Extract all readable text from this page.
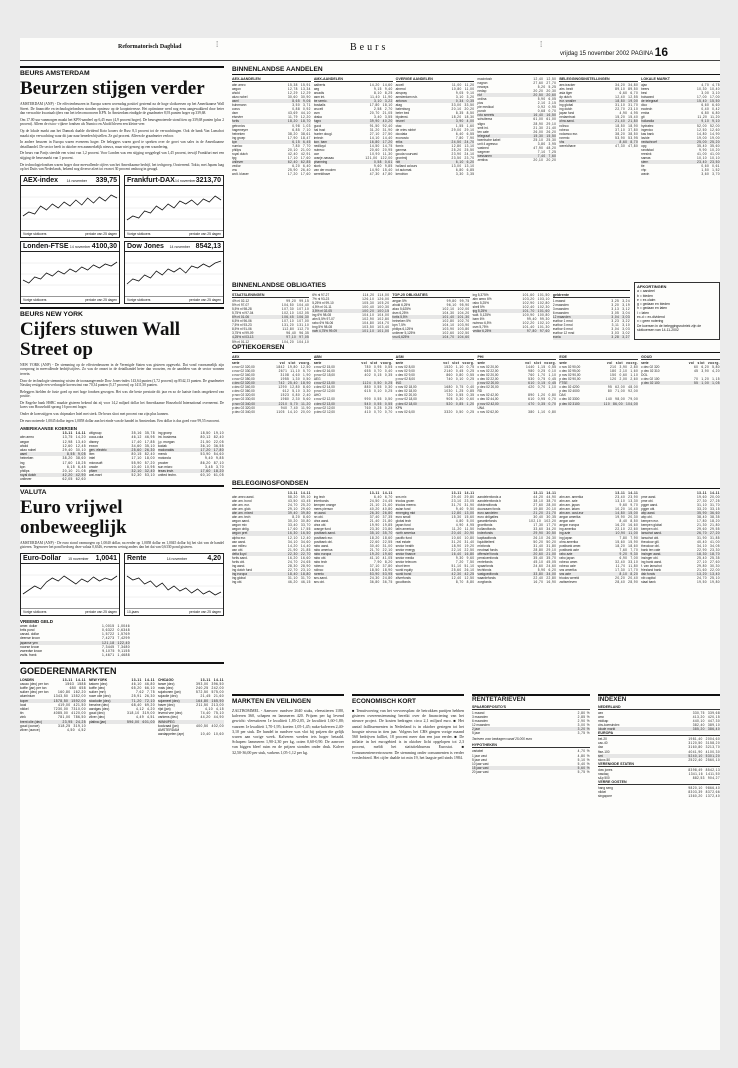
Reformatorisch Dagblad	⁞	Beurs	⁞
vrijdag 15 november 2002 PAGINA 16
BEURS AMSTERDAM
Beurzen stijgen verder

AMSTERDAM (ANP) - De effectenbeurzen in Europa waren woensdag positief gestemd na de hoge slotkoersen op het Amerikaanse Wall Street. De financiële en technologiefondsen stonden opnieuw op de koopinteresse. Het optimisme werd nog eens aangewakkerd door beter dan verwachte kwartaalcijfers van het telecomconcern KPN. In Amsterdam eindigde de graadmeter 8,93 punten hoger op 339,68.

Om 17.00 uur vanmorgen maakt het KPN-aandeel op 6,45 euro (4,9 procent hoger). De beursgenoteerde stond tien op 339,68 punten (plus 2 procent). Alleen de risico- rijkere fondsen als Numico en Ahold bleven een kleine veer.

Op de lokale markt aan het Damrak daalde dividend Koto kouers de Ruw 8,3 procent tot de verwachtingen. Ook de bank Van Lanschot maakt zijn verwachting waar dit jaar naar beneden bijstellen. Ze gaf procent. Alleen de graadmeter verloor.

In andere beurzen in Europa waren eveneens hoger. De beleggers waren goed te spreken over de groei van sales in de Amerikaanse detailhandel. De sector heeft in oktober een aanmerkelijk nieuws, maar niet genoeg op een waardering.

De beurs van Parijs steedde een winst van 1,2 procent. Voor Londen was een stijging weggelegd van 1,45 procent, terwijl Frankfurt met een stijging de beursmarkt van 1 procent.

De technologiefondsen waren hoger door meevallende cijfers van het Amerikaanse bedrijf, het techgroep, Oosterrend. Tokio, met Japans laag op het Duits van Nederlands, bekend nog diverse afzet tot en met 30 procent omhoog in gesagd.

AEX-index 14 november 339,75
Vorige slotkoers	periode van 25 dagen
Frankfurt-DAX 14 november 3213,70
Vorige slotkoers	periode van 25 dagen
Londen-FTSE 14 november 4100,30
Vorige slotkoers	periode van 25 dagen
Dow Jones 14 november 8542,13
Vorige slotkoers	periode van 25 dagen
BEURS NEW YORK
Cijfers stuwen Wall Street op

NEW YORK (ANP) - De stemming op de effectenbeurzen in de Verenigde Staten was gisteren opgewekt. Dat vond voornamelijk zijn oorsprong in meevallende bedrijfscijfers. Zo was de omzet in de detailhandel beter dan voorzien, en de aandelen van de sector wonnen terrein.

Door de technologie stemming wisten de toonaangevende Dow Jones-index 143,64 punten (1,72 procent) op 8542,13 punten. De graadmeter Nasdaq vestigde een verhoogde koerswinst van 70,34 punten (5,17 procent) op 1411,50 punten.

Beleggers hielden de fusie goed op met hoge fondsen gewogen. Het was die beste prestatie dit jaar en zo de laatste fonds omgekeerd van positie.

De Engelse bank HSBC maakte gisteren bekend dat zij voor 14,2 miljard dollar het Amerikaanse Household International overneemt. De koers van Household sprong 16 procent hoger.

Onder de koersstijgers was chipmaker Intel met sterk. De beurs sloot met procent van zijn plus kunnen.

De euro noteerde 1,0045 dollar tegen 1,0058 dollar aan het einde van de handel in Amsterdam. Een dollar is dus goed voor 99,55 eurocent.

AMERIKAANSE KOERSEN
13-11 14-11
abn amro	13,75 14,20
aegon	12,98 13,40
ahold	12,60 12,45
akzo nobel	29,40 30,10
asml	8,55 9,05
heineken	38,20 38,60
ing	17,60 18,25
kpn	6,15 6,45
philips	20,10 21,05
royal dutch	42,20 42,90
unilever	62,05 62,60
citigroup	35,16 35,78
coca-cola	46,12 46,95
disney	17,40 17,85
exxon	34,60 35,10
gen. electric	25,60 26,30
ibm	80,15 82,40
intel	17,10 18,00
microsoft	55,90 57,20
oracle	10,40 10,95
pfizer	32,10 32,40
wal-mart	52,30 53,10
ing groep	18,50 19,10
int. business	80,12 82,40
j.p. morgan	21,50 22,05
kodak	36,10 36,55
mcdonalds	17,20 17,80
merck	53,90 54,60
motorola	9,40 9,85
procter	86,20 87,10
sun micro	3,45 3,70
texas instr.	17,60 18,20
united techn.	60,10 61,05
VALUTA
Euro vrijwel onbeweeglijk

AMSTERDAM (ANP) - De euro stond vanmorgen op 1,0040 dollar, na eerder op 1,0058 dollar en 1,0045 dollar bij het slot van de handel gisteren. Tegenover het pond bedroeg deze valuta 0,6346, eveneens weinig anders dan het dat van 0,6330 pond gisteren.

Euro-Dollar 15 november 1,0041
Vorige slotkoers	periode van 25 dagen
Rente	14 november	4,20
10-jaars	periode van 25 dagen
VREEMD GELD
amer. dollar	1,0015 1,0046
brits pond	0,6322 0,6348
canad. dollar	1,5722 1,5769
deense kroon	7,4273 7,4299
japanse yen	121,18 122,40
noorse kroon	7,3445 7,3480
zweedse kroon	9,1075 9,1155
zwits. frank	1,4671 1,4688
GOEDERENMARKTEN
LONDEN	13-11 14-11
cacao (dec) per ton	1563 1588
koffie (jan) per ton	650 658
suiker (dec) per ton	160,80 162,20
aluminium	1343,50 1352,00
koper	1578,50 1592,00
lood	419,00 421,50
nikkel	7230,00 7310,00
tin	4085,00 4120,00
zink	781,00 786,50
brent olie (dec)	23,95 24,25
goud (ounce)	318,25 319,10
zilver (ounce)	4,50 4,52
NEW YORK	13-11 14-11
katoen (dec)	46,10 46,80
koffie (dec)	65,20 66,10
suiker (mrt)	7,62 7,75
ruwe olie (dec)	25,91 26,30
stookolie (dec)	71,20 72,10
benzine (dec)	68,40 69,20
aardgas (dec)	4,12 4,20
goud (dec)	318,10 319,00
zilver (dec)	4,49 4,51
platina (jan)	596,00 601,00
CHICAGO	13-11 14-11
tarwe (dec)	393,00 396,50
mais (dec)	240,25 242,00
sojabonen (jan)	572,50 575,00
sojaolie (dec)	21,45 21,60
sojameel (dec)	164,80 165,90
haver (dec)	211,50 213,00
rijst (jan)	4,10 4,15
levend vee (dec)	74,40 75,10
varkens (dec)	44,20 44,90
WINNIPEG
koolzaad (jan)	400,50 402,00
AMSTERDAM
aardappelen (apr)	10,40 10,60
BINNENLANDSE AANDELEN
AEX-AANDELEN
abn amro	15,38 15,91
aegon	12,78 13,34
ahold	12,29 12,29
akzo nobel	30,60 30,90
asml	8,65 9,06
buhrmann	3,50 3,71
corus	0,88 0,92
dsm	43,69 44,10
elsevier	11,79 12,20
fortis	18,20 18,70
getronics	0,98 1,03
hagemeyer	6,85 7,10
heineken	38,20 38,61
ing groep	17,90 18,47
kpn	6,15 6,45
numico	7,80 7,70
philips	20,10 21,00
royal dutch	42,40 42,91
tpg	17,10 17,60
unilever	62,40 62,85
vedior	6,20 6,40
vnu	25,90 26,40
wolt. kluwer	17,20 17,60
AMX-AANDELEN
aalberts	14,20 14,60
aeg	9,15 9,40
arcadis	8,10 8,25
asm int.	11,40 11,90
be semic.	3,10 3,22
boskalis	17,80 18,10
crucell	2,58 2,70
csm	20,70 21,05
draka	3,40 3,55
fugro	39,90 40,20
gucci	91,50 92,40
hal trust	31,20 31,90
hunter dougl.	27,10 27,50
imtech	14,10 14,40
kon. bam	16,80 17,20
nedlloyd	14,50 14,75
nutreco	20,60 20,95
oce	10,90 11,30
oranje-nassau	121,00 122,00
pharming	0,58 0,61
stork	9,60 9,85
van der moolen	14,90 15,40
wereldhave	47,30 47,80
OVERIGE AANDELEN
accell	11,00 11,20
ahrend	10,80 11,00
airspray	9,05 9,10
amsterdam rub.	3,10 3,20
antonov	0,34 0,35
atag	33,00 33,50
batenburg	20,10 20,20
beter bed	8,35 8,50
blydenst.	18,20 18,30
brunel	3,90 4,00
ctac	1,55 1,60
de vries robbé	29,00 29,10
docdata	6,40 6,55
econosto	7,80 7,90
eriks	24,50 24,70
fornix	12,80 13,10
gamma	25,20 25,50
gouda vuurvast	23,90 24,10
grontmij	23,50 23,70
hitt	6,10 6,20
holland colours	13,00 13,10
ict automat.	6,80 6,85
kendrion	3,30 3,35
macintosh	12,40 12,50
nagron	27,60 27,70
neways	5,20 5,25
nedap	20,20 20,30
nkf	20,50 20,60
ordina	5,90 6,05
pics	2,10 2,15
pie medical	0,92 0,95
punch	0,68 0,70
roto smeets	16,40 16,50
schuitema	61,00 61,00
sligro	28,90 29,10
smit int.	21,30 21,40
ten cate	26,00 26,20
telegraaf	15,30 15,50
twentsche kabel	25,10 25,30
unit 4 agresso	3,80 3,95
vastned	47,90 48,20
wegener	7,10 7,25
wessanen	7,40 7,60
zentiva	20,10 20,20
BELEGGINGSINSTELLINGEN
aex-tracker	34,20 34,80
alm. bezit	89,10 89,50
asia tiger	6,60 6,70
dp dutch	12,40 12,55
eur. smaller	18,80 19,00
ing global	31,10 31,70
ing dutch	22,70 23,10
japan fund	4,90 4,95
nedamtrust	15,20 15,40
ohra aand.	21,40 21,80
rolinco	18,50 18,90
robeco	37,10 37,80
rodamco eur.	38,20 38,50
rorento	53,90 53,95
vhs	8,60 8,70
wereldhave	47,30 47,80
LOKALE MARKT
ajax	4,70 4,75
beers	10,30 10,40
besi	3,00 3,10
bolsward	17,00 17,00
de telegraaf	15,40 15,50
dico	6,60 6,60
ecotech	0,40 0,42
emba	6,80 6,80
gti	11,20 11,20
hollandia	9,10 9,10
hydratec	52,00 52,00
ingenico	12,50 12,60
kas bank	14,80 14,90
lavide	19,00 19,00
nedschroef	25,00 25,20
opg	35,40 35,60
randstad	9,90 10,20
reesink	41,00 41,00
samas	10,10 10,10
stern	23,40 23,50
tie	0,60 0,61
vhp	1,50 1,52
wavin	3,60 3,70
BINNENLANDSE OBLIGATIES
STAATSLENINGEN
4% nl 02-12	99,20 99,15
5% nl 97-07	104,50 104,40
5,5% nl 98-28	107,30 107,10
5,75% nl 97-04	102,10 102,05
6% nl 01-06	106,45 106,30
6,5% nl 96-06	107,10 107,00
7,5% nl 93-23	131,20 131,10
8,5% nl 91-06	112,80 112,70
3,75% nl 99-09	96,40 96,35
4,25% nl 03-13	97,10 97,05
5% nl 01-12	104,20 104,10
6% nl 97-27	114,20 114,00
7% nl 93-23	126,10 126,00
5,25% nl 99-10	105,30 105,20
4,5% nl 01-11	100,40 100,30
3,5% nl 02-05	100,20 100,15
ing 6% 98-08	104,10 104,00
abn 5,5% 97-07	102,90 102,80
rabo 6% 96-06	104,80 104,70
bng 5% 98-08	103,50 103,40
nwb 4,75% 99-09	101,10 101,00
TOP-25 OBLIGATIES
aegon 5%	99,80 99,75
ahold 6,25%	96,10 95,90
akzo 5,625%	102,10 102,00
dsm 6,25%	104,30 104,20
fortis 5,5%	101,40 101,30
heineken 5%	102,80 102,70
kpn 7,5%	104,10 103,90
philips 6,125%	103,90 103,80
unilever 5,125%	102,60 102,50
vnu 6,625%	104,70 104,60
ing 5,375%	101,60 101,50
abn amro 6%	103,20 103,10
rabo 5,25%	102,90 102,80
shell 5%	102,40 102,30
tpg 5,25%	101,70 101,60
wolt. 5,125%	100,90 100,80
bam 6%	99,40 99,30
nutreco 6,5%	102,20 102,10
csm 5,75%	101,40 101,30
vedior 6,25%	97,80 97,60
geldrente
1 maand	3,25 3,24
2 maanden	3,20 3,19
3 maanden	3,13 3,12
6 maanden	3,05 3,04
12 maanden	3,04 3,03
euribor 1 mnd	3,23 3,22
euribor 3 mnd	3,11 3,10
euribor 6 mnd	3,04 3,03
euribor 12 mnd	3,03 3,02
eonia	3,28 3,27
AFKORTINGEN
a = aandeel
b = bieden
e = ex-claim
g = gedaan en bieden
h = gedaan en laten
l = laten
ex-d = ex-dividend
x = geen notering
De koersen in de beleggingsrubriek zijn de slotkoersen van 14-11-2002
OPTIEKOERSEN
AEX
serie	vol slot voorg.
c nov 02 320,00	1842 19,80 12,50
c nov 02 330,00	2671 11,10 5,70
c nov 02 340,00	3108 4,60 1,90
c nov 02 350,00	1955 1,30 0,50
c dec 02 320,00	742 25,40 18,90
c dec 02 340,00	1290 12,80 8,60
c dec 02 360,00	612 5,10 3,30
p nov 02 320,00	1523 0,80 2,40
p nov 02 330,00	1980 2,30 5,60
p nov 02 340,00	2210 5,70 11,20
p dec 02 320,00	940 7,40 11,90
p dec 02 340,00	1105 14,10 20,00
ABN
serie	vol slot voorg.
c nov 02 15,00	780 0,95 0,55
c dec 02 16,00	655 0,70 0,40
p nov 02 15,00	402 0,15 0,35
AEG
c nov 02 13,00	1124 0,50 0,25
c dec 02 14,00	880 0,55 0,30
p nov 02 12,00	615 0,10 0,25
AHO
c nov 02 12,00	990 0,55 0,50
c dec 02 13,00	540 0,55 0,55
p nov 02 12,00	760 0,25 0,25
p dec 02 12,00	410 0,70 0,70
ASM
serie	vol slot voorg.
c nov 02 8,00	1520 1,10 0,75
c nov 02 9,00	2140 0,45 0,25
c dec 02 9,00	860 0,80 0,55
p nov 02 8,00	740 0,10 0,25
ING
c nov 02 18,00	1680 0,75 0,40
c dec 02 18,00	1030 1,25 0,85
c dec 02 20,00	720 0,55 0,35
p nov 02 18,00	905 0,30 0,60
p dec 02 18,00	520 0,85 1,20
KPN
c nov 02 6,00	3320 0,50 0,25
PHI
serie	vol slot voorg.
c nov 02 20,00	1440 1,15 0,55
c nov 02 22,00	980 0,25 0,10
c dec 02 20,00	760 1,70 1,10
c dec 02 22,00	530 0,75 0,45
p nov 02 20,00	610 0,15 0,45
p dec 02 20,00	420 0,70 1,10
RD
c nov 02 42,00	890 1,20 0,80
c dec 02 44,00	610 0,95 0,70
p nov 02 42,00	470 0,35 0,70
UNA
c nov 02 62,00	380 1,10 0,80
EOE
serie	vol slot voorg.
c nov 02 90,00	210 3,90 2,80
c dec 02 95,00	180 2,10 1,60
p nov 02 90,00	150 0,60 1,10
p dec 02 90,00	120 2,00 2,60
FTSE
c dec 02 4200	95 62,00 48,00
p dec 02 4000	80 71,00 92,00
DAX
c dec 02 3300	140 98,00 79,00
p dec 02 3100	110 86,00 104,00
GOUD
serie	vol slot voorg.
c dec 02 320	60 6,20 5,80
p dec 02 310	45 3,90 4,20
DOL
c dec 02 100	70 1,20 1,15
p dec 02 100	55 1,00 1,05
BELEGGINGSFONDSEN
13-11 14-11
abn amro aand.	58,20 59,10
abn am. bond	43,50 43,45
abn am. eur.	24,70 25,20
abn am. glob.	29,10 29,60
abn am. mixed	39,40 39,80
abn am. tech	8,20 8,60
aegon aand.	30,20 30,80
aegon mix	33,40 33,70
aegon oblig.	17,60 17,55
aegon pref.	16,30 16,50
alpha eur.	12,10 12,40
asn aand.	34,10 34,60
asn milieu	14,20 14,40
asn obl.	21,90 21,85
delta lloyd	22,30 22,70
fortis aand.	16,20 16,60
fortis obl.	24,70 24,65
ing aand.	28,30 28,90
ing dutch fund	22,70 23,10
ing europa	18,40 18,80
ing global	31,10 31,70
ing obl.	46,20 46,15
13-11 14-11
ing tech	6,40 6,70
interbonds	24,50 24,45
kempen orange	21,10 21,60
mees pierson	40,20 40,80
nn aand.	26,30 26,80
nn obl.	37,40 37,35
ohra aand.	21,40 21,80
ohra obl.	19,90 19,85
orange fund	23,30 23,80
postbank aand.	35,10 35,70
postbank eur.	18,20 18,60
postbank obl.	22,60 22,55
rabo aand.	30,40 31,00
rabo america	21,70 22,10
rabo europa	19,20 19,60
rabo obl.	41,10 41,05
rabo tech	7,90 8,20
robeco	37,10 37,80
rolinco	18,50 18,90
rorento	53,90 53,95
sns aand.	24,30 24,80
sns obl.	36,80 36,75
13-11 14-11
sns mix	29,40 29,80
triodos groen	23,10 23,05
triodos meerw.	31,70 31,90
asian fund	9,40 9,50
emerging mkt	12,80 13,00
euro small	15,30 15,60
global tech	4,80 5,00
japan fund	4,90 4,95
latin america	11,20 11,50
north america	20,40 20,90
pacific fund	10,60 10,80
real estate	31,20 31,40
sector health	18,90 19,20
sector energy	22,10 22,50
sector finance	16,40 16,80
sector media	9,30 9,60
sector telecom	7,20 7,50
short term	51,10 51,10
world equity	25,60 26,10
world bond	42,30 42,25
zilverfonds	12,40 12,50
goudfonds	8,70 8,80
13-11 14-11
aandelenfonds a	44,20 44,90
aandelenfonds b	38,10 38,70
dividendfonds	27,60 28,00
duurzaam fonds	19,80 20,10
euro aandelen	21,20 21,70
euro obligaties	30,40 30,35
garantiefonds	102,10 102,20
groeifonds	17,30 17,70
hollandfonds	33,60 34,20
indexfonds	29,90 30,50
kapitaalfonds	26,10 26,30
liquiditeitenf.	50,20 50,20
mixfonds	31,40 31,80
neutraal fonds	28,80 29,10
offensief fonds	20,60 21,00
pensioenfonds	35,40 35,70
rentefonds	45,10 45,05
spaarfonds	24,60 24,60
techfonds	5,90 6,20
vastgoedfonds	33,80 34,00
waardefonds	22,40 22,80
zorgfonds	16,70 16,90
13-11 14-11
abn am. amerika	23,40 23,90
abn am. azie	13,10 13,30
abn am. japan	9,60 9,70
abn am. latam	10,20 10,40
abn am. oost-eur	14,80 15,00
aegon amerika	19,90 20,30
aegon azie	8,40 8,50
aegon europa	16,20 16,60
ing amerika	22,10 22,60
ing azie	10,90 11,00
ing japan	7,80 7,90
ohra amerika	15,60 15,90
postbank amer.	18,20 18,60
postbank azie	7,60 7,70
rabo azie	9,20 9,30
rabo japan	6,90 7,00
robeco amer.	32,40 33,10
robeco azie	11,70 11,80
sns amerika	17,30 17,70
sns azie	8,10 8,20
triodos wereld	20,20 20,40
zwitserleven	28,40 28,90
13-11 14-11
pme aand.	19,60 20,00
pme obl.	27,30 27,25
pggm aand.	31,10 31,70
pggm obl.	33,20 33,15
abp aand.	35,90 36,60
abp obl.	38,40 38,35
kempen eur.	17,80 18,20
kempen global	21,30 21,80
kempen obl.	29,60 29,55
lanschot aand.	26,70 27,20
lanschot obl.	31,90 31,85
theodoor gill.	40,40 41,00
theodoor obl.	34,10 34,05
bank ten cate	22,90 23,30
insinger aand.	18,30 18,70
insinger obl.	25,40 25,35
ing bank aand.	27,10 27,60
f. van lanschot	29,80 30,30
friesland bank	21,60 22,00
dsb fonds	13,20 13,40
nib capital	24,70 25,10
staal bank	19,50 19,80
MARKTEN EN VEILINGEN
ZALTBOMMEL - Aanvoer: rundvee 2640 stuks, vleesstieren 1180, kalveren 360, schapen en lammeren 420. Prijzen per kg levend gewicht: vleesstieren 1e kwaliteit 1,85-2,05, 2e kwaliteit 1,60-1,80; vaarzen 1e kwaliteit 1,70-1,95; koeien 1,05-1,45; nuka-kalveren 2,40-3,10 per stuk. De handel in rundvee was vlot bij prijzen die gelijk waren aan vorige week. Kalveren werden iets hoger betaald. Schapen: lammeren 1,90-2,30 per kg, ooien 0,60-0,90. De aanvoer van biggen bleef ruim en de prijzen stonden onder druk. Kalver 32,50-36,00 per stuk, varkens 1,05-1,12 per kg.
ECONOMISCH KORT
■ Tenuitvoering van het vervoersplan: de betrokken partijen hebben gisteren overeenstemming bereikt over de financiering van het nieuwe project. De kosten bedragen circa 2,1 miljard euro. ■ Het aantal faillissementen in Nederland is in oktober gestegen tot het hoogste niveau in tien jaar. Volgens het CBS gingen vorige maand 560 bedrijven failliet, 18 procent meer dan een jaar eerder. ■ De inflatie in het eurogebied is in oktober licht opgelopen tot 2,3 procent, meldt het statistiekbureau Eurostat. ■ Consumentenvertrouwen: De stemming onder consumenten is verder verslechterd. Het cijfer daalde tot min 19, het laagste peil sinds 1984.
RENTETARIEVEN
SPAARDEPOSITO'S
1 maand	2,80 %
3 maanden	2,85 %
6 maanden	2,90 %
12 maanden	3,00 %
2 jaar	3,20 %
5 jaar	3,75 %
Tarieven voor bedragen vanaf 25.000 euro
HYPOTHEKEN
variabel	4,70 %
1 jaar vast	4,80 %
5 jaar vast	5,10 %
10 jaar vast	5,40 %
15 jaar vast	5,60 %
20 jaar vast	5,75 %
INDEXEN
NEDERLAND
aex	330,75 339,68
amx	413,20 420,15
midkap	440,10 447,30
cbs-koersindex	382,40 389,10
lokale markt	385,20 386,40
EUROPA
bel-20	1981,40 2004,60
cac-40	3120,50 3158,20
dax	3160,80 3213,70
ftse-100	4041,90 4100,30
smi	5240,10 5301,20
stoxx-50	2522,40 2560,10
VERENIGDE STATEN
dow jones	8398,49 8542,13
nasdaq	1341,16 1411,50
s&p 500	882,53 904,27
VERRE OOSTEN
hang seng	9820,10 9866,40
nikkei	8303,39 8372,66
singapore	1360,20 1372,40
